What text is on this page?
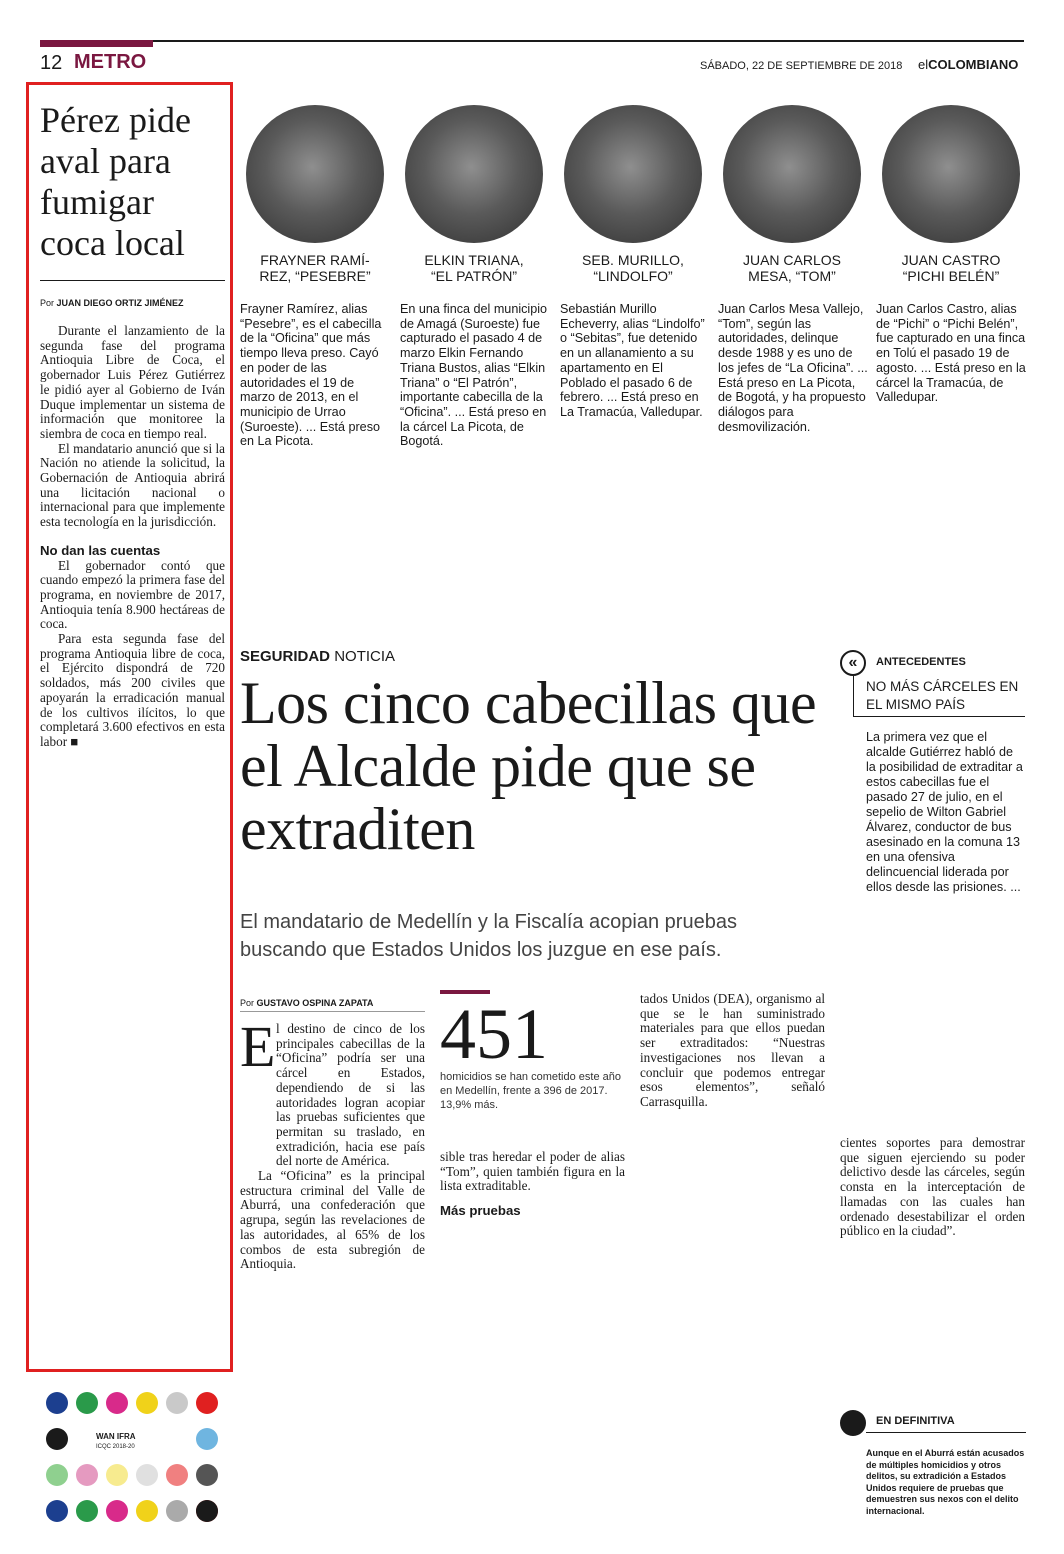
12 METRO	SÁBADO, 22 DE SEPTIEMBRE DE 2018 elCOLOMBIANO
Pérez pide aval para fumigar coca local
Por JUAN DIEGO ORTIZ JIMÉNEZ

Durante el lanzamiento de la segunda fase del programa Antioquia Libre de Coca, el gobernador Luis Pérez Gutiérrez le pidió ayer al Gobierno de Iván Duque implementar un sistema de información que monitoree la siembra de coca en tiempo real.

El mandatario anunció que si la Nación no atiende la solicitud, la Gobernación de Antioquia abrirá una licitación nacional o internacional para que implemente esta tecnología en la jurisdicción.

No dan las cuentas

El gobernador contó que cuando empezó la primera fase del programa, en noviembre de 2017, Antioquia tenía 8.900 hectáreas de coca.

Para esta segunda fase del programa Antioquia libre de coca, el Ejército dispondrá de 720 soldados, más 200 civiles que apoyarán la erradicación manual de los cultivos ilícitos, lo que completará 3.600 efectivos en esta labor ■

FRAYNER RAMÍ-
REZ, “PESEBRE”
ELKIN TRIANA,
“EL PATRÓN”
SEB. MURILLO,
“LINDOLFO”
JUAN CARLOS
MESA, “TOM”
JUAN CASTRO
“PICHI BELÉN”
Frayner Ramírez, alias “Pesebre”, es el cabecilla de la “Oficina” que más tiempo lleva preso. Cayó en poder de las autoridades el 19 de marzo de 2013, en el municipio de Urrao (Suroeste). ... Está preso en La Picota.
En una finca del municipio de Amagá (Suroeste) fue capturado el pasado 4 de marzo Elkin Fernando Triana Bustos, alias “Elkin Triana” o “El Patrón”, importante cabecilla de la “Oficina”. ... Está preso en la cárcel La Picota, de Bogotá.
Sebastián Murillo Echeverry, alias “Lindolfo” o “Sebitas”, fue detenido en un allanamiento a su apartamento en El Poblado el pasado 6 de febrero. ... Está preso en La Tramacúa, Valledupar.
Juan Carlos Mesa Vallejo, “Tom”, según las autoridades, delinque desde 1988 y es uno de los jefes de “La Oficina”. ... Está preso en La Picota, de Bogotá, y ha propuesto diálogos para desmovilización.
Juan Carlos Castro, alias de “Pichi” o “Pichi Belén”, fue capturado en una finca en Tolú el pasado 19 de agosto. ... Está preso en la cárcel la Tramacúa, de Valledupar.
SEGURIDAD NOTICIA
Los cinco cabecillas que el Alcalde pide que se extraditen
El mandatario de Medellín y la Fiscalía acopian pruebas buscando que Estados Unidos los juzgue en ese país.
Por GUSTAVO OSPINA ZAPATA
E l destino de cinco de los principales cabecillas de la “Oficina” podría ser una cárcel en Estados, dependiendo de si las autoridades logran acopiar las pruebas suficientes que permitan su traslado, en extradición, hacia ese país del norte de América.

La “Oficina” es la principal estructura criminal del Valle de Aburrá, una confederación que agrupa, según las revelaciones de las autoridades, al 65% de los combos de esta subregión de Antioquia.

451
homicidios se han cometido este año en Medellín, frente a 396 de 2017. 13,9% más.

sible tras heredar el poder de alias “Tom”, quien también figura en la lista extraditable.

Más pruebas

tados Unidos (DEA), organismo al que se le han suministrado materiales para que ellos puedan ser extraditados: “Nuestras investigaciones nos llevan a concluir que podemos entregar esos elementos”, señaló Carrasquilla.

cientes soportes para demostrar que siguen ejerciendo su poder delictivo desde las cárceles, según consta en la interceptación de llamadas con las cuales han ordenado desestabilizar el orden público en la ciudad”.

«	ANTECEDENTES
NO MÁS CÁRCELES EN EL MISMO PAÍS
La primera vez que el alcalde Gutiérrez habló de la posibilidad de extraditar a estos cabecillas fue el pasado 27 de julio, en el sepelio de Wilton Gabriel Álvarez, conductor de bus asesinado en la comuna 13 en una ofensiva delincuencial liderada por ellos desde las prisiones. ...
EN DEFINITIVA
Aunque en el Aburrá están acusados de múltiples homicidios y otros delitos, su extradición a Estados Unidos requiere de pruebas que demuestren sus nexos con el delito internacional.
WAN IFRA
ICQC 2018-20
